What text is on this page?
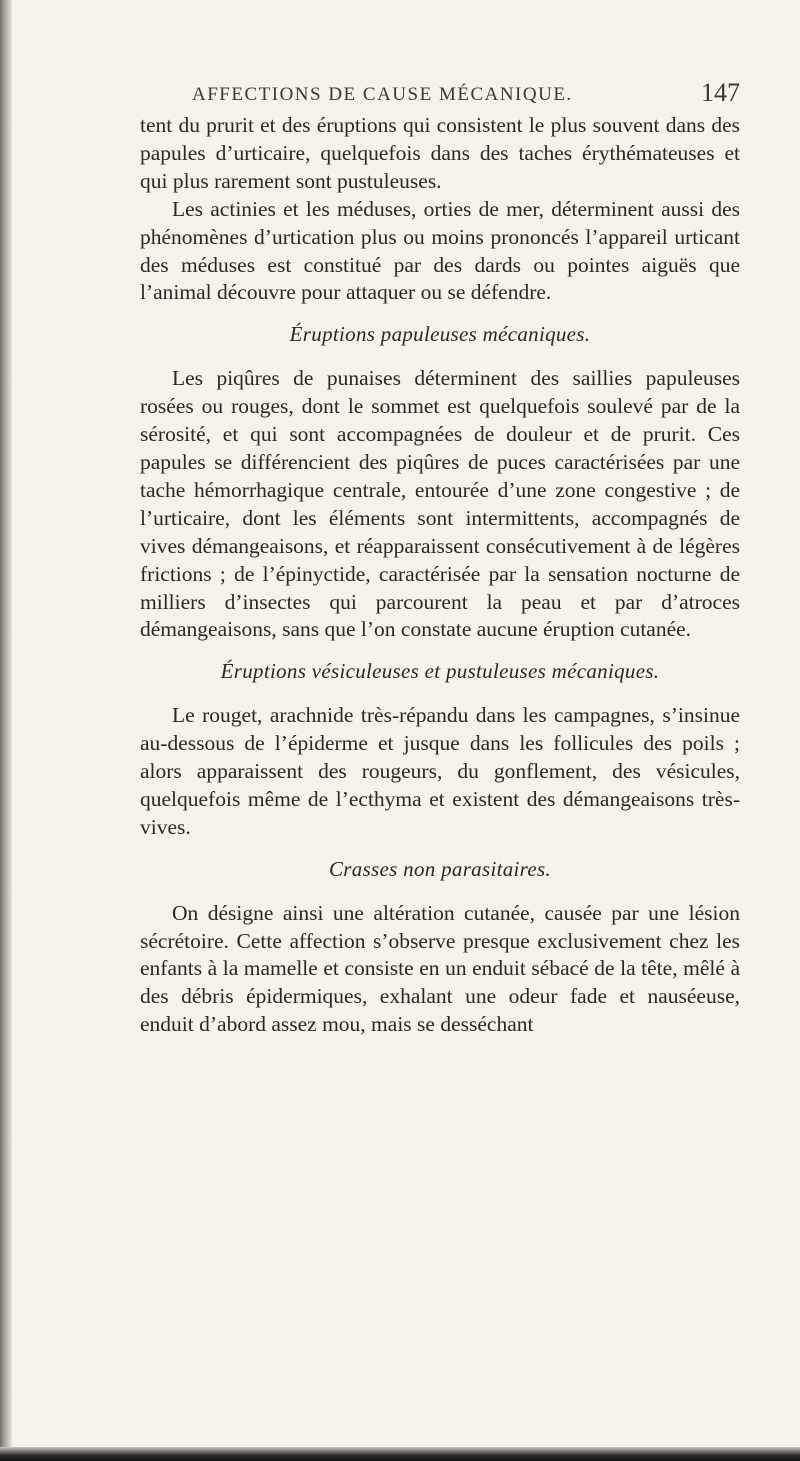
AFFECTIONS DE CAUSE MÉCANIQUE.	147

tent du prurit et des éruptions qui consistent le plus souvent dans des papules d’urticaire, quelquefois dans des taches érythémateuses et qui plus rarement sont pustuleuses.

Les actinies et les méduses, orties de mer, déterminent aussi des phénomènes d’urtication plus ou moins prononcés l’appareil urticant des méduses est constitué par des dards ou pointes aiguës que l’animal découvre pour attaquer ou se défendre.

Éruptions papuleuses mécaniques.

Les piqûres de punaises déterminent des saillies papuleuses rosées ou rouges, dont le sommet est quelquefois soulevé par de la sérosité, et qui sont accompagnées de douleur et de prurit. Ces papules se différencient des piqûres de puces caractérisées par une tache hémorrhagique centrale, entourée d’une zone congestive ; de l’urticaire, dont les éléments sont intermittents, accompagnés de vives démangeaisons, et réapparaissent consécutivement à de légères frictions ; de l’épinyctide, caractérisée par la sensation nocturne de milliers d’insectes qui parcourent la peau et par d’atroces démangeaisons, sans que l’on constate aucune éruption cutanée.

Éruptions vésiculeuses et pustuleuses mécaniques.

Le rouget, arachnide très-répandu dans les campagnes, s’insinue au-dessous de l’épiderme et jusque dans les follicules des poils ; alors apparaissent des rougeurs, du gonflement, des vésicules, quelquefois même de l’ecthyma et existent des démangeaisons très-vives.

Crasses non parasitaires.

On désigne ainsi une altération cutanée, causée par une lésion sécrétoire. Cette affection s’observe presque exclusivement chez les enfants à la mamelle et consiste en un enduit sébacé de la tête, mêlé à des débris épidermiques, exhalant une odeur fade et nauséeuse, enduit d’abord assez mou, mais se desséchant
